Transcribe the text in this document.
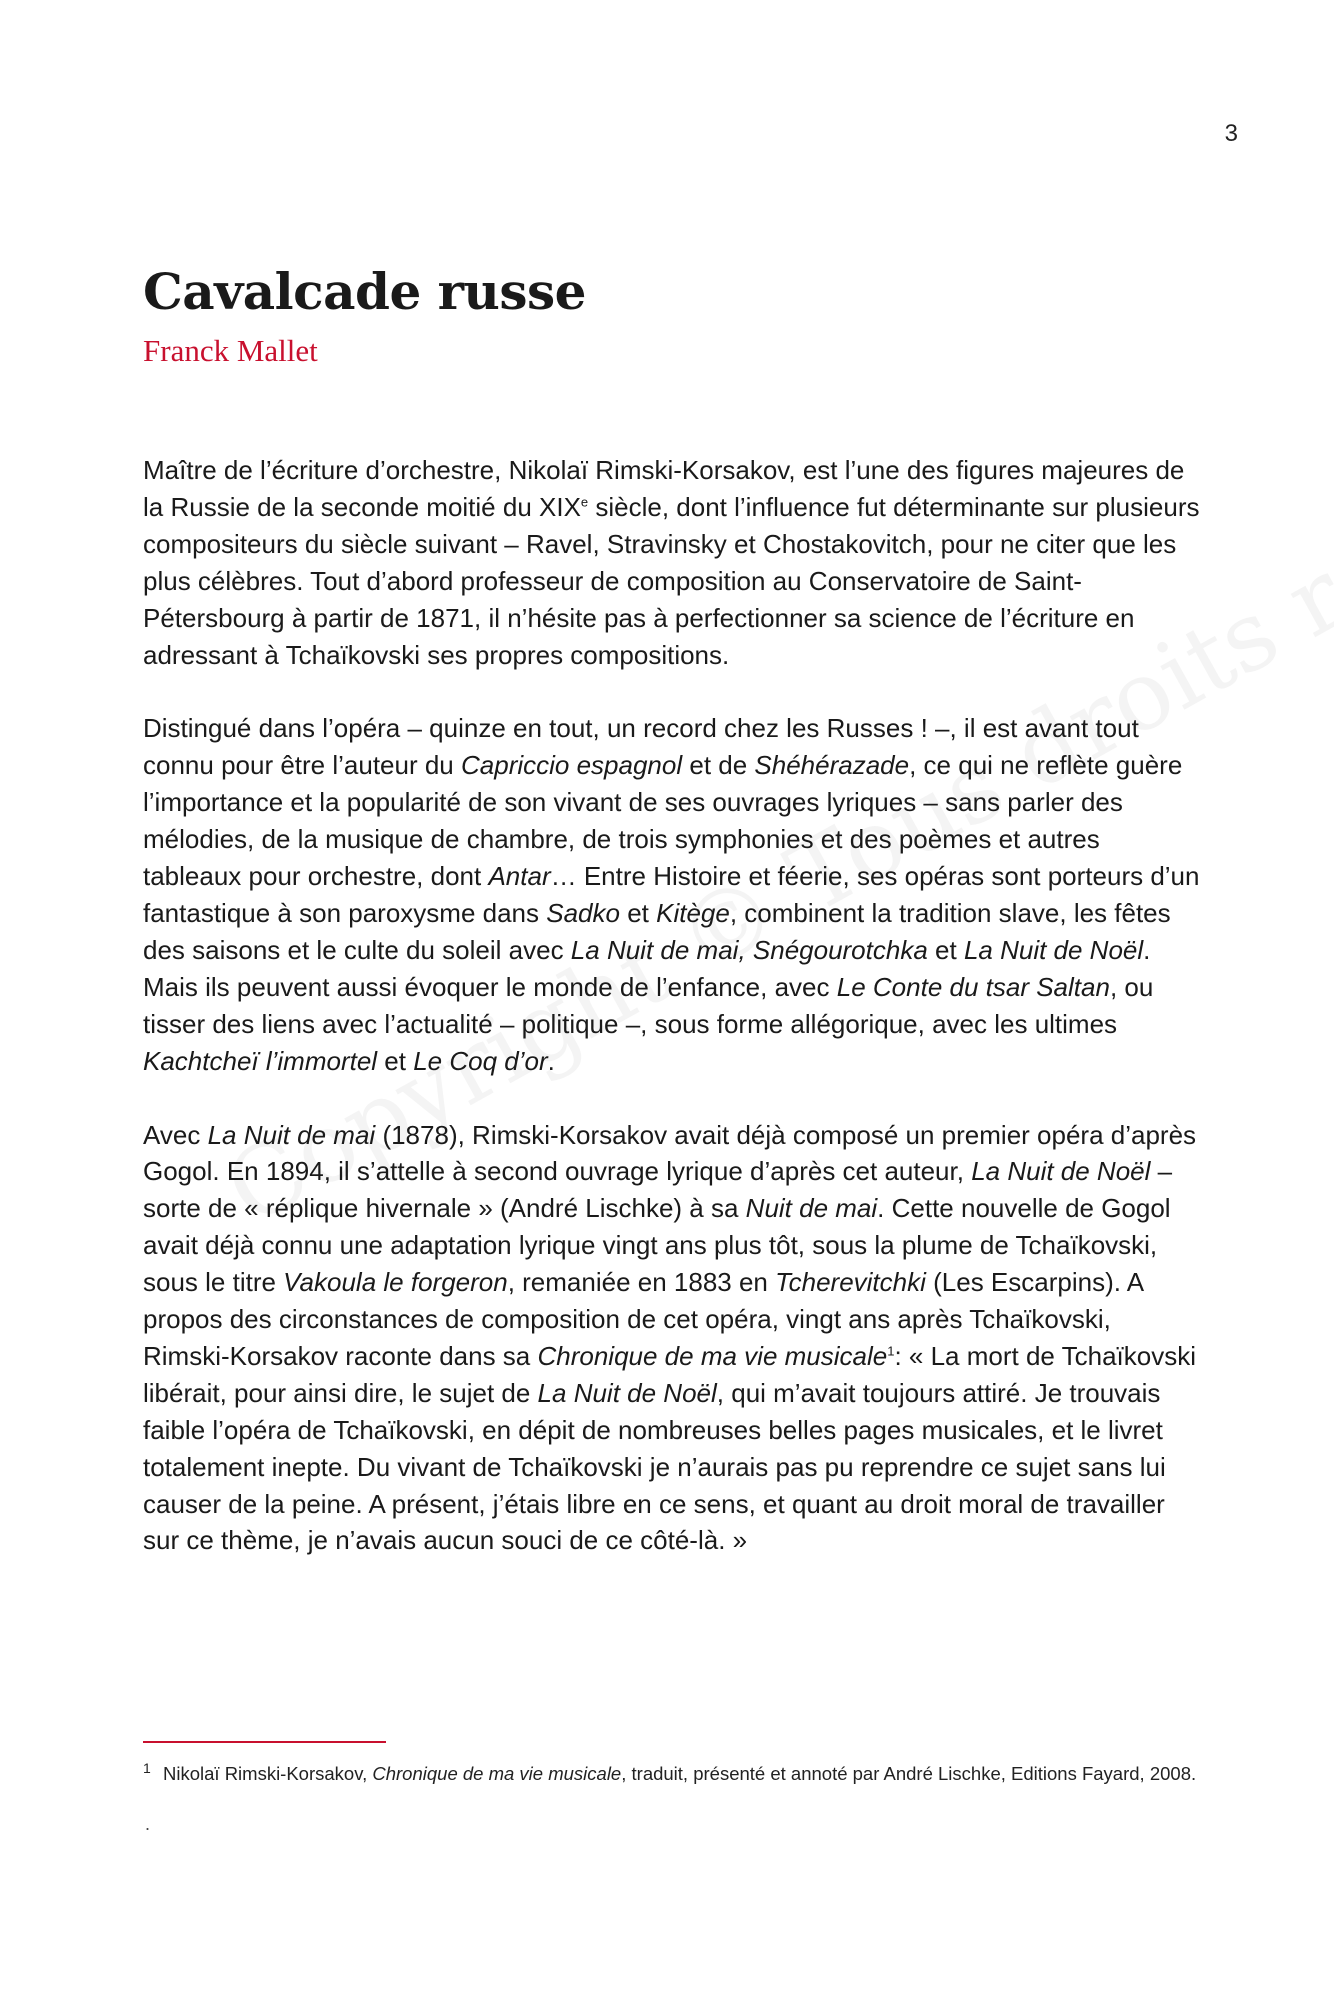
3
Cavalcade russe
Franck Mallet

Maître de l’écriture d’orchestre, Nikolaï Rimski-Korsakov, est l’une des figures majeures de la Russie de la seconde moitié du XIXe siècle, dont l’influence fut déterminante sur plusieurs compositeurs du siècle suivant – Ravel, Stravinsky et Chostakovitch, pour ne citer que les plus célèbres. Tout d’abord professeur de composition au Conservatoire de Saint-Pétersbourg à partir de 1871, il n’hésite pas à perfectionner sa science de l’écriture en adressant à Tchaïkovski ses propres compositions.

Distingué dans l’opéra – quinze en tout, un record chez les Russes ! –, il est avant tout connu pour être l’auteur du Capriccio espagnol et de Shéhérazade, ce qui ne reflète guère l’importance et la popularité de son vivant de ses ouvrages lyriques – sans parler des mélodies, de la musique de chambre, de trois symphonies et des poèmes et autres tableaux pour orchestre, dont Antar… Entre Histoire et féerie, ses opéras sont porteurs d’un fantastique à son paroxysme dans Sadko et Kitège, combinent la tradition slave, les fêtes des saisons et le culte du soleil avec La Nuit de mai, Snégourotchka et La Nuit de Noël. Mais ils peuvent aussi évoquer le monde de l’enfance, avec Le Conte du tsar Saltan, ou tisser des liens avec l’actualité – politique –, sous forme allégorique, avec les ultimes Kachtcheï l’immortel et Le Coq d’or.

Avec La Nuit de mai (1878), Rimski-Korsakov avait déjà composé un premier opéra d’après Gogol. En 1894, il s’attelle à second ouvrage lyrique d’après cet auteur, La Nuit de Noël – sorte de « réplique hivernale » (André Lischke) à sa Nuit de mai. Cette nouvelle de Gogol avait déjà connu une adaptation lyrique vingt ans plus tôt, sous la plume de Tchaïkovski, sous le titre Vakoula le forgeron, remaniée en 1883 en Tcherevitchki (Les Escarpins). A propos des circonstances de composition de cet opéra, vingt ans après Tchaïkovski, Rimski-Korsakov raconte dans sa Chronique de ma vie musicale$^1$: « La mort de Tchaïkovski libérait, pour ainsi dire, le sujet de La Nuit de Noël, qui m’avait toujours attiré. Je trouvais faible l’opéra de Tchaïkovski, en dépit de nombreuses belles pages musicales, et le livret totalement inepte. Du vivant de Tchaïkovski je n’aurais pas pu reprendre ce sujet sans lui causer de la peine. A présent, j’étais libre en ce sens, et quant au droit moral de travailler sur ce thème, je n’avais aucun souci de ce côté-là. »

1 Nikolaï Rimski-Korsakov, Chronique de ma vie musicale, traduit, présenté et annoté par André Lischke, Editions Fayard, 2008.
.
